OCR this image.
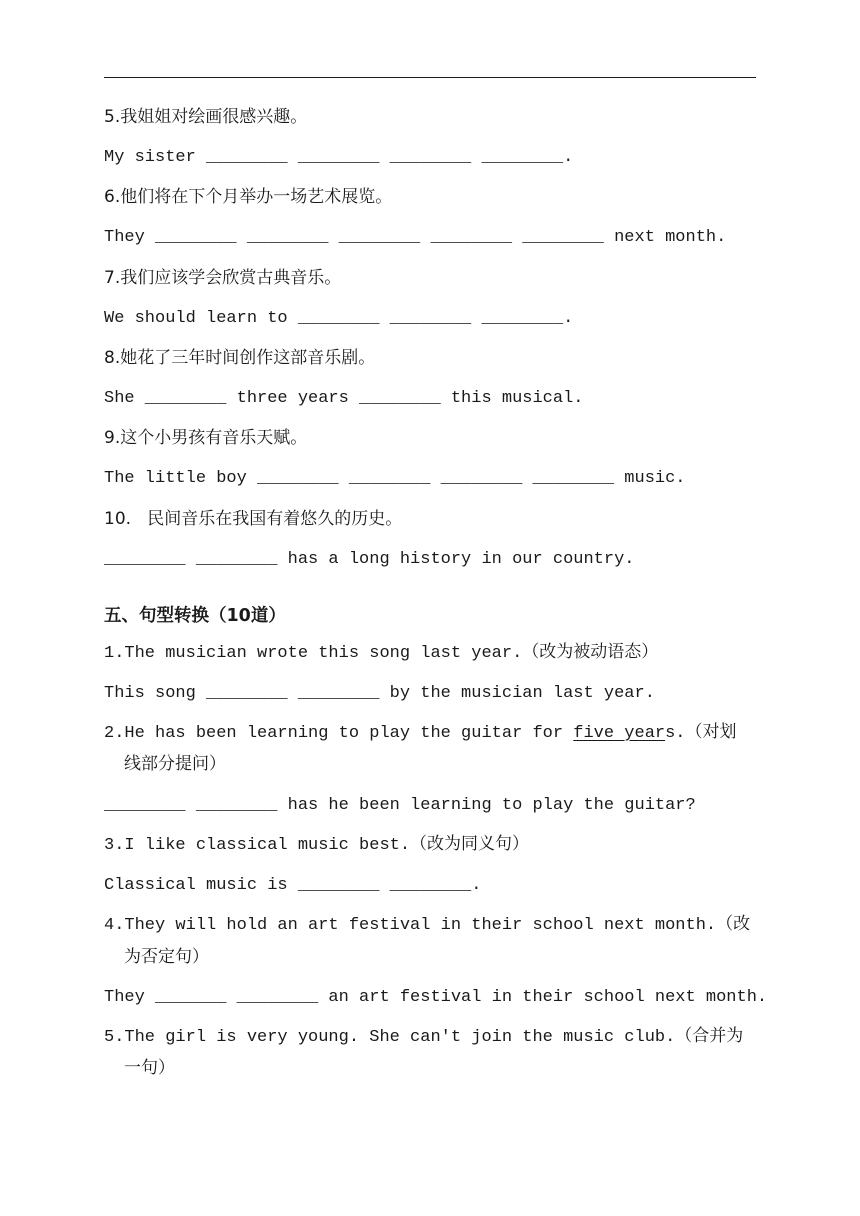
5.我姐姐对绘画很感兴趣。
My sister ________ ________ ________ ________.
6.他们将在下个月举办一场艺术展览。
They ________ ________ ________ ________ ________ next month.
7.我们应该学会欣赏古典音乐。
We should learn to ________ ________ ________.
8.她花了三年时间创作这部音乐剧。
She ________ three years ________ this musical.
9.这个小男孩有音乐天赋。
The little boy ________ ________ ________ ________ music.
10.   民间音乐在我国有着悠久的历史。
________ ________ has a long history in our country.
五、句型转换（10道）
1.The musician wrote this song last year.（改为被动语态）
This song ________ ________ by the musician last year.
2.He has been learning to play the guitar for five years.（对划
线部分提问）
________ ________ has he been learning to play the guitar?
3.I like classical music best.（改为同义句）
Classical music is ________ ________.
4.They will hold an art festival in their school next month.（改
为否定句）
They _______ ________ an art festival in their school next month.
5.The girl is very young. She can't join the music club.（合并为
一句）
